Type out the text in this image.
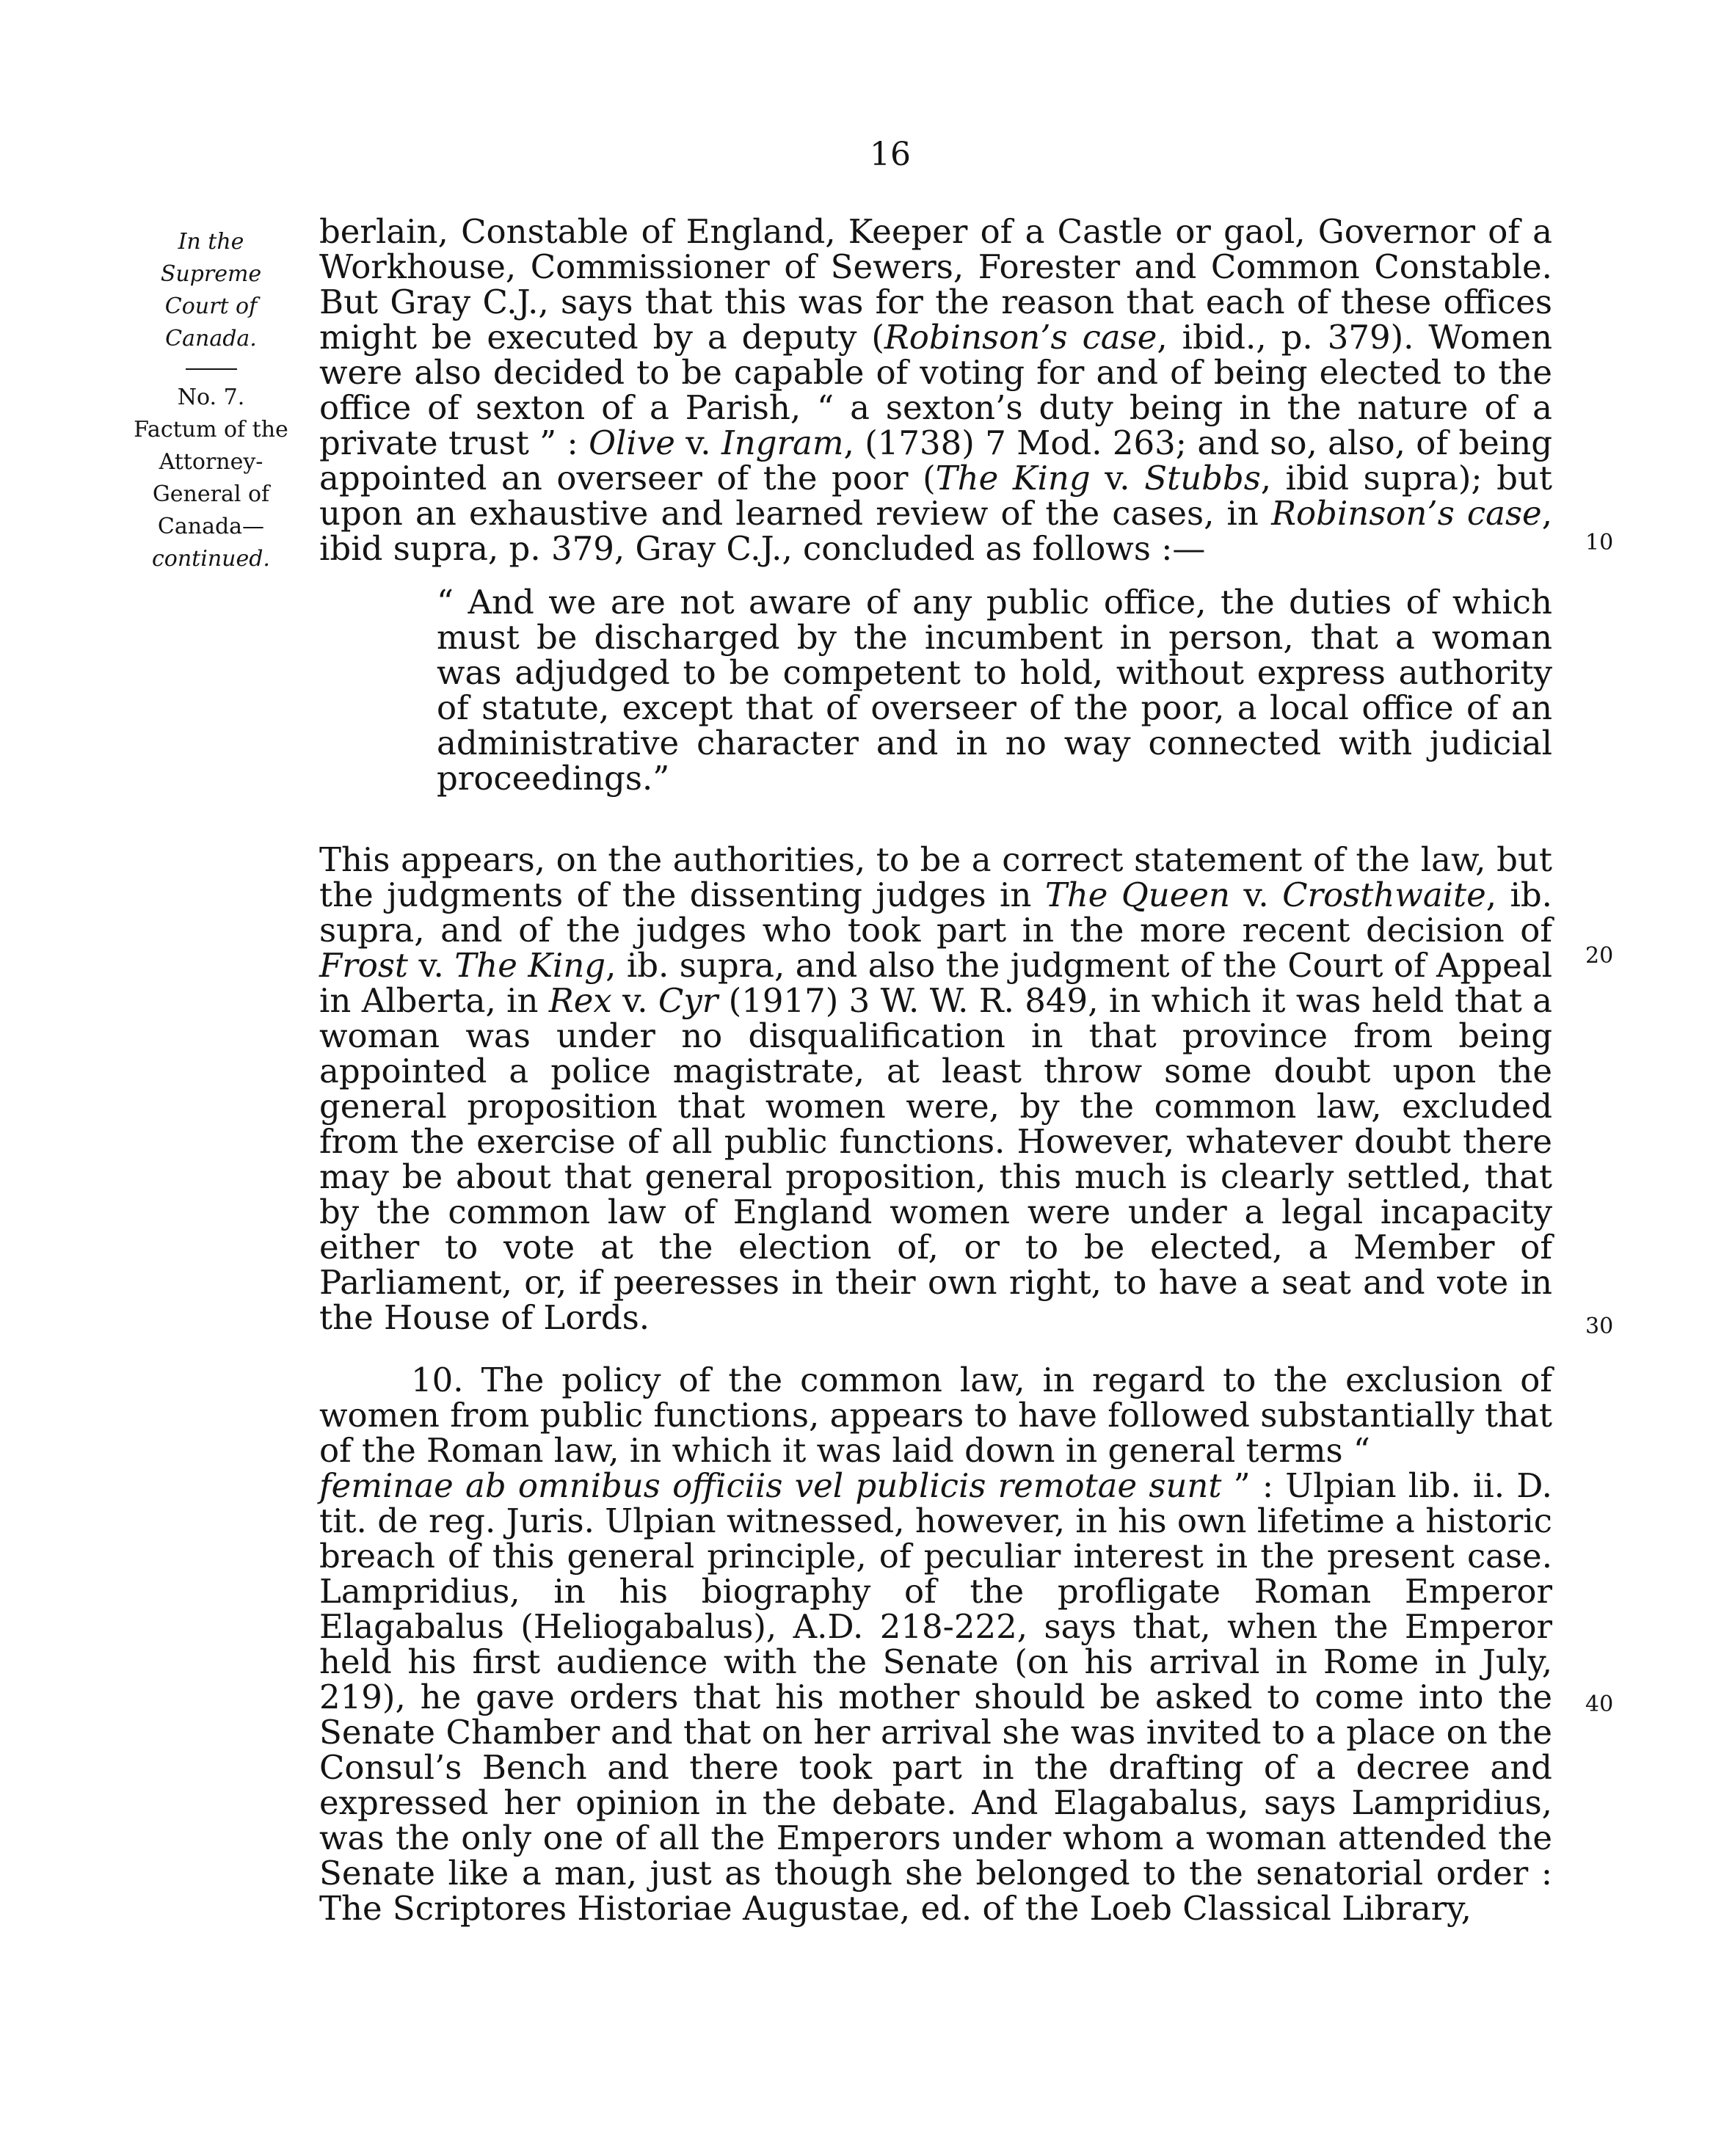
16
In the Supreme Court of Canada.
No. 7.
Factum of the Attorney-General of Canada—
continued.
10
20
30
40
berlain, Constable of England, Keeper of a Castle or gaol, Governor of a Workhouse, Commissioner of Sewers, Forester and Common Constable. But Gray C.J., says that this was for the reason that each of these offices might be executed by a deputy (Robinson’s case, ibid., p. 379). Women were also decided to be capable of voting for and of being elected to the office of sexton of a Parish, “ a sexton’s duty being in the nature of a private trust ” : Olive v. Ingram, (1738) 7 Mod. 263; and so, also, of being appointed an overseer of the poor (The King v. Stubbs, ibid supra); but upon an exhaustive and learned review of the cases, in Robinson’s case, ibid supra, p. 379, Gray C.J., concluded as follows :—
“ And we are not aware of any public office, the duties of which must be discharged by the incumbent in person, that a woman was adjudged to be competent to hold, without express authority of statute, except that of overseer of the poor, a local office of an administrative character and in no way connected with judicial proceedings.”
This appears, on the authorities, to be a correct statement of the law, but the judgments of the dissenting judges in The Queen v. Crosthwaite, ib. supra, and of the judges who took part in the more recent decision of Frost v. The King, ib. supra, and also the judgment of the Court of Appeal in Alberta, in Rex v. Cyr (1917) 3 W. W. R. 849, in which it was held that a woman was under no disqualification in that province from being appointed a police magistrate, at least throw some doubt upon the general proposition that women were, by the common law, excluded from the exercise of all public functions. However, whatever doubt there may be about that general proposition, this much is clearly settled, that by the common law of England women were under a legal incapacity either to vote at the election of, or to be elected, a Member of Parliament, or, if peeresses in their own right, to have a seat and vote in the House of Lords.
10. The policy of the common law, in regard to the exclusion of women from public functions, appears to have followed substantially that of the Roman law, in which it was laid down in general terms “feminae ab omnibus officiis vel publicis remotae sunt ” : Ulpian lib. ii. D. tit. de reg. Juris. Ulpian witnessed, however, in his own lifetime a historic breach of this general principle, of peculiar interest in the present case. Lampridius, in his biography of the profligate Roman Emperor Elagabalus (Heliogabalus), A.D. 218-222, says that, when the Emperor held his first audience with the Senate (on his arrival in Rome in July, 219), he gave orders that his mother should be asked to come into the Senate Chamber and that on her arrival she was invited to a place on the Consul’s Bench and there took part in the drafting of a decree and expressed her opinion in the debate. And Elagabalus, says Lampridius, was the only one of all the Emperors under whom a woman attended the Senate like a man, just as though she belonged to the senatorial order : The Scriptores Historiae Augustae, ed. of the Loeb Classical Library,
